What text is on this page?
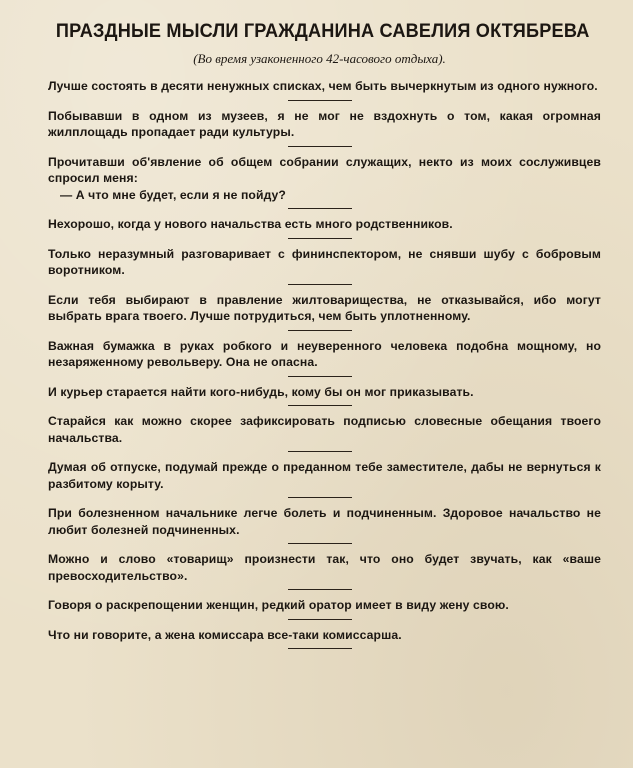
ПРАЗДНЫЕ МЫСЛИ ГРАЖДАНИНА САВЕЛИЯ ОКТЯБРЕВА
(Во время узаконенного 42-часового отдыха).

Лучше состоять в десяти ненужных списках, чем быть вычеркнутым из одного нужного.

Побывавши в одном из музеев, я не мог не вздохнуть о том, какая огромная жилплощадь пропадает ради культуры.

Прочитавши об'явление об общем собрании служащих, некто из моих сослуживцев спросил меня:
— А что мне будет, если я не пойду?

Нехорошо, когда у нового начальства есть много родственников.

Только неразумный разговаривает с фининспектором, не снявши шубу с бобровым воротником.

Если тебя выбирают в правление жилтоварищества, не отказывайся, ибо могут выбрать врага твоего. Лучше потрудиться, чем быть уплотненному.

Важная бумажка в руках робкого и неуверенного человека подобна мощному, но незаряженному револьверу. Она не опасна.

И курьер старается найти кого-нибудь, кому бы он мог приказывать.

Старайся как можно скорее зафиксировать подписью словесные обещания твоего начальства.

Думая об отпуске, подумай прежде о преданном тебе заместителе, дабы не вернуться к разбитому корыту.

При болезненном начальнике легче болеть и подчиненным. Здоровое начальство не любит болезней подчиненных.

Можно и слово «товарищ» произнести так, что оно будет звучать, как «ваше превосходительство».

Говоря о раскрепощении женщин, редкий оратор имеет в виду жену свою.

Что ни говорите, а жена комиссара все-таки комиссарша.
